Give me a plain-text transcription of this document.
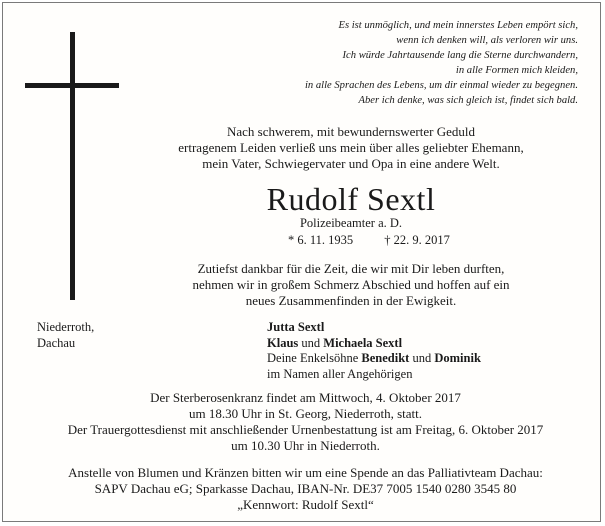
Es ist unmöglich, und mein innerstes Leben empört sich,
wenn ich denken will, als verloren wir uns.
Ich würde Jahrtausende lang die Sterne durchwandern,
in alle Formen mich kleiden,
in alle Sprachen des Lebens, um dir einmal wieder zu begegnen.
Aber ich denke, was sich gleich ist, findet sich bald.
Nach schwerem, mit bewundernswerter Geduld
ertragenem Leiden verließ uns mein über alles geliebter Ehemann,
mein Vater, Schwiegervater und Opa in eine andere Welt.
Rudolf Sextl
Polizeibeamter a. D.
* 6. 11. 1935 † 22. 9. 2017
Zutiefst dankbar für die Zeit, die wir mit Dir leben durften,
nehmen wir in großem Schmerz Abschied und hoffen auf ein
neues Zusammenfinden in der Ewigkeit.
Niederroth,
Dachau
Jutta Sextl
Klaus und Michaela Sextl
Deine Enkelsöhne Benedikt und Dominik
im Namen aller Angehörigen
Der Sterberosenkranz findet am Mittwoch, 4. Oktober 2017
um 18.30 Uhr in St. Georg, Niederroth, statt.
Der Trauergottesdienst mit anschließender Urnenbestattung ist am Freitag, 6. Oktober 2017
um 10.30 Uhr in Niederroth.
Anstelle von Blumen und Kränzen bitten wir um eine Spende an das Palliativteam Dachau:
SAPV Dachau eG; Sparkasse Dachau, IBAN-Nr. DE37 7005 1540 0280 3545 80
„Kennwort: Rudolf Sextl“
